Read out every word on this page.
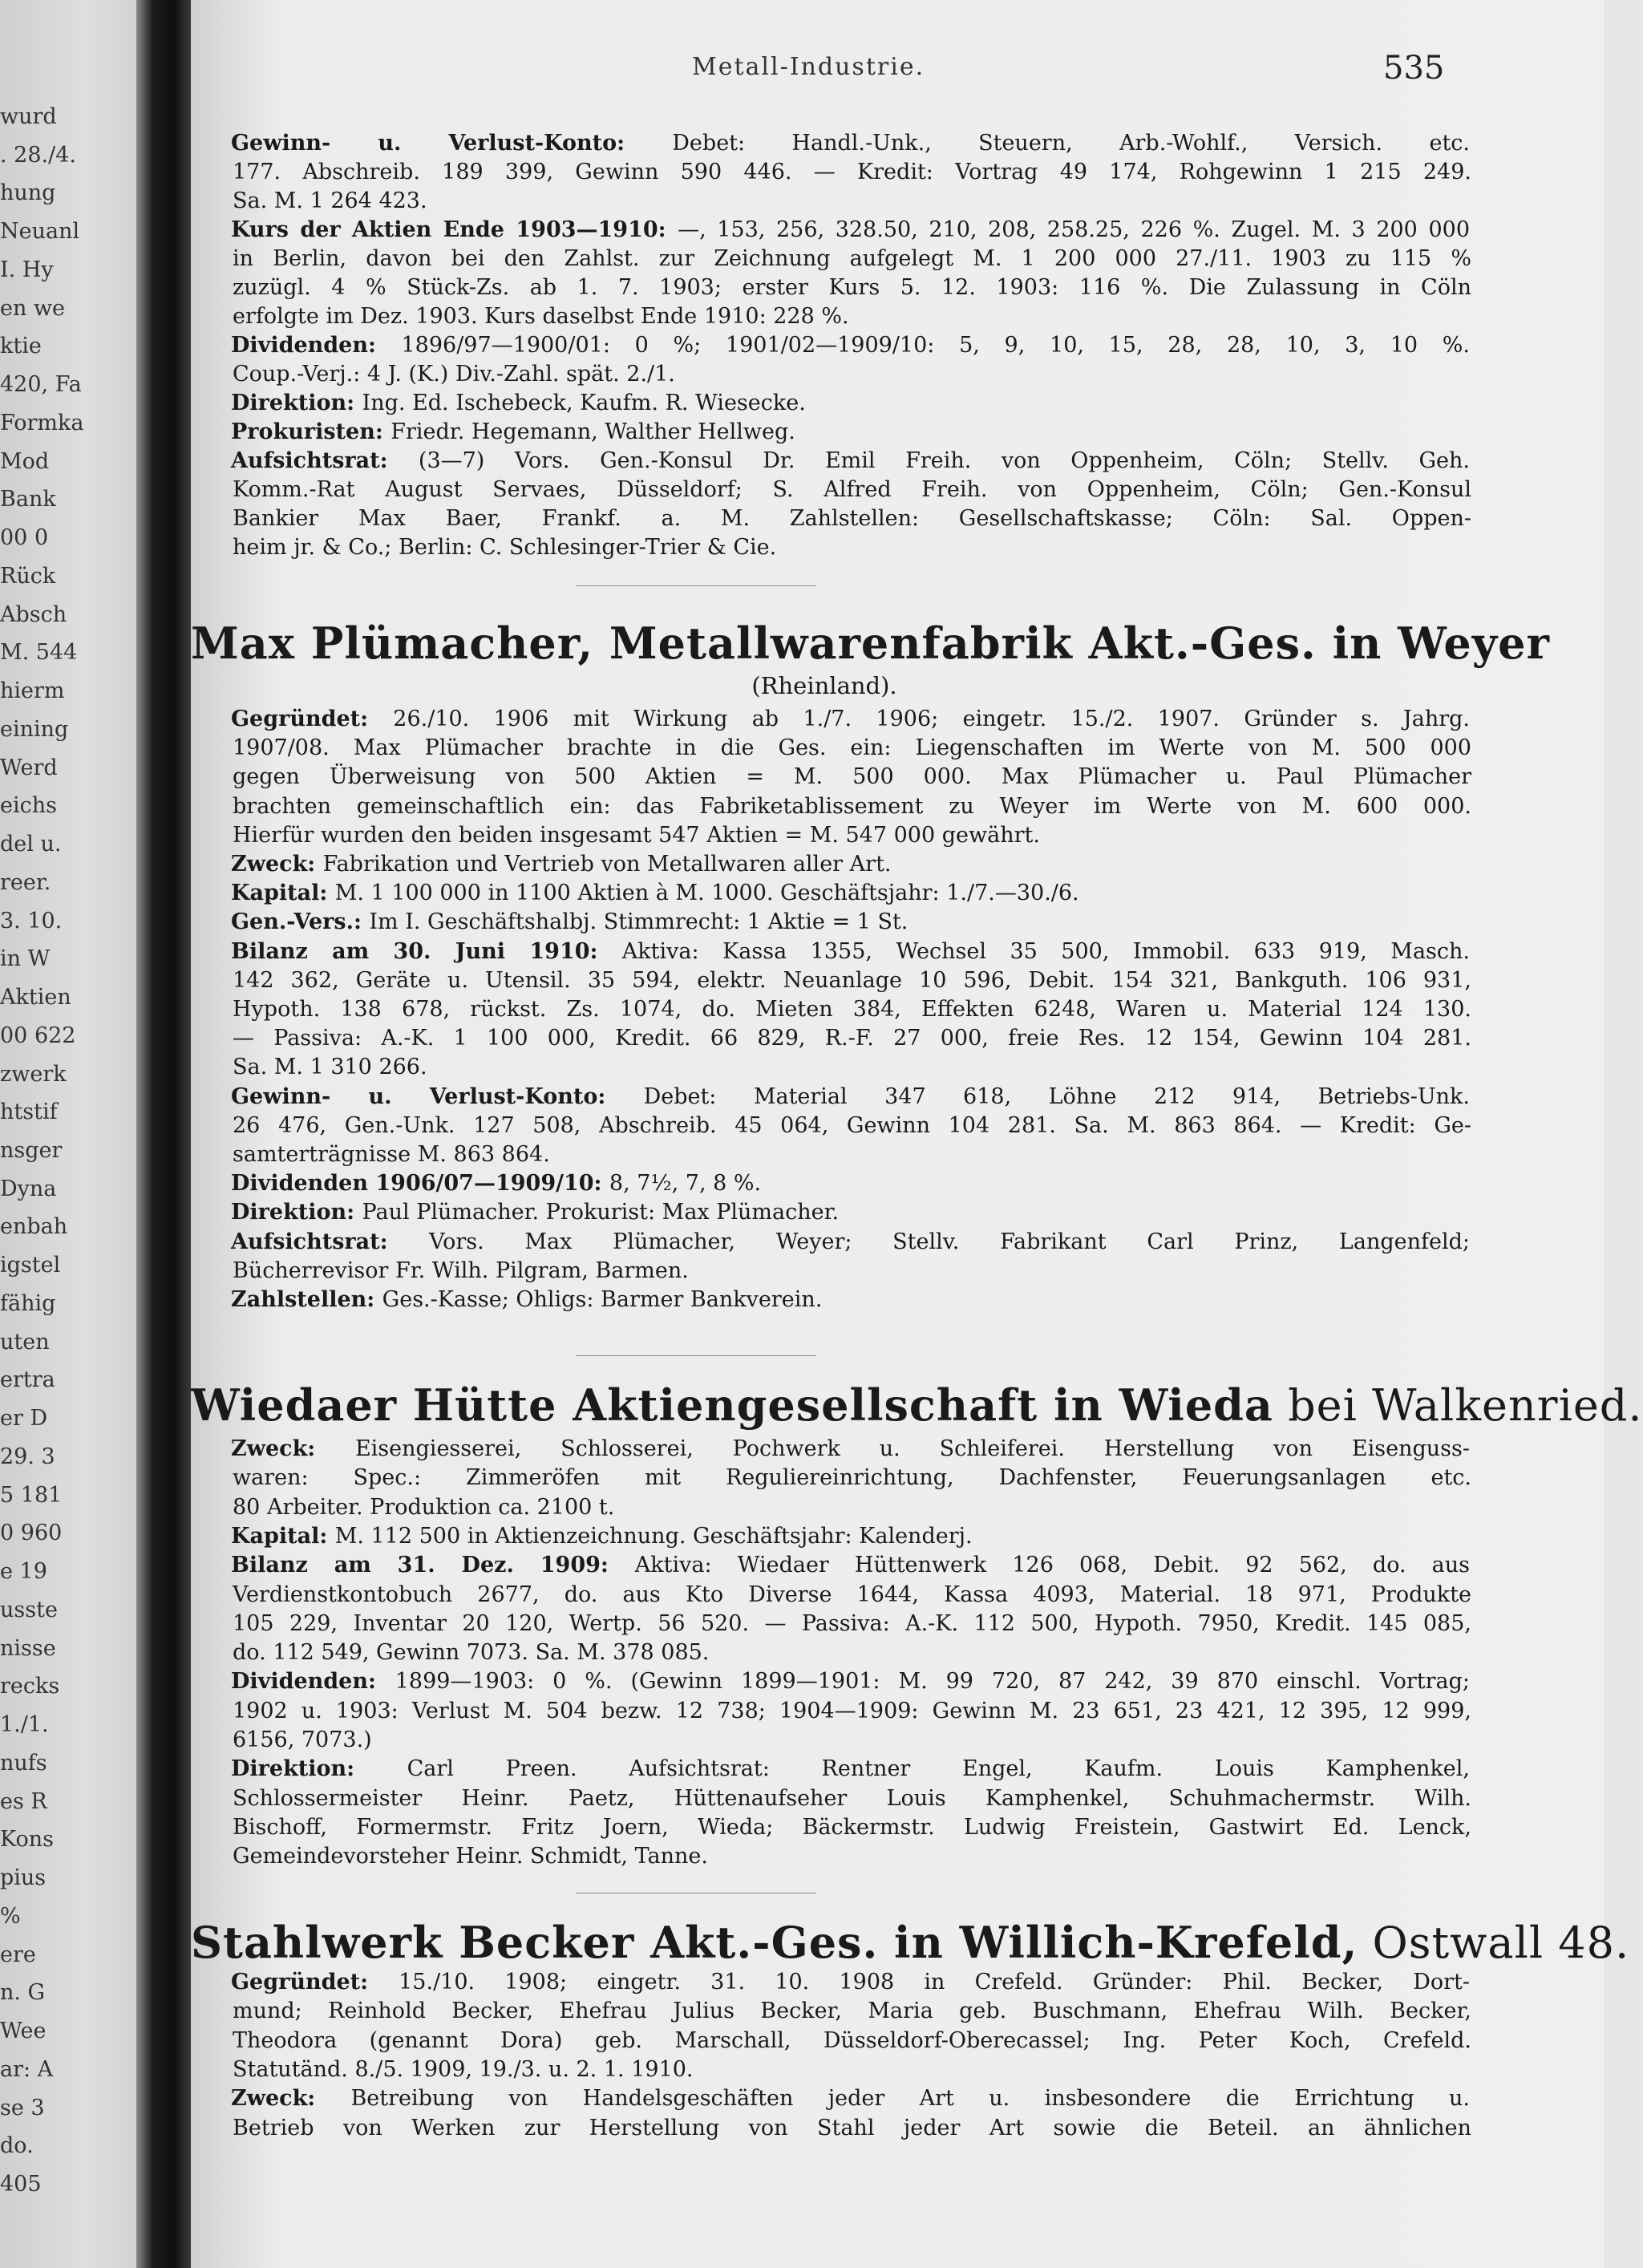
wurd
. 28./4.
hung
Neuanl
I. Hy
en we
ktie
420, Fa
Formka
Mod
Bank
00 0
Rück
Absch
M. 544
hierm
eining
Werd
eichs
del u.
reer.
3. 10.
in W
Aktien
00 622
zwerk
htstif
nsger
Dyna
enbah
igstel
fähig
uten
ertra
er D
29. 3
5 181
0 960
e 19
usste
nisse
recks
1./1.
nufs
es R
Kons
pius
%
ere
n. G
Wee
ar: A
se 3
do.
405
Metall-Industrie.	535
Gewinn- u. Verlust-Konto: Debet: Handl.-Unk., Steuern, Arb.-Wohlf., Versich. etc.
177. Abschreib. 189 399, Gewinn 590 446. — Kredit: Vortrag 49 174, Rohgewinn 1 215 249.
Sa. M. 1 264 423.
Kurs der Aktien Ende 1903—1910: —, 153, 256, 328.50, 210, 208, 258.25, 226 %. Zugel. M. 3 200 000
in Berlin, davon bei den Zahlst. zur Zeichnung aufgelegt M. 1 200 000 27./11. 1903 zu 115 %
zuzügl. 4 % Stück-Zs. ab 1. 7. 1903; erster Kurs 5. 12. 1903: 116 %. Die Zulassung in Cöln
erfolgte im Dez. 1903. Kurs daselbst Ende 1910: 228 %.
Dividenden: 1896/97—1900/01: 0 %; 1901/02—1909/10: 5, 9, 10, 15, 28, 28, 10, 3, 10 %.
Coup.-Verj.: 4 J. (K.) Div.-Zahl. spät. 2./1.
Direktion: Ing. Ed. Ischebeck, Kaufm. R. Wiesecke.
Prokuristen: Friedr. Hegemann, Walther Hellweg.
Aufsichtsrat: (3—7) Vors. Gen.-Konsul Dr. Emil Freih. von Oppenheim, Cöln; Stellv. Geh.
Komm.-Rat August Servaes, Düsseldorf; S. Alfred Freih. von Oppenheim, Cöln; Gen.-Konsul
Bankier Max Baer, Frankf. a. M. Zahlstellen: Gesellschaftskasse; Cöln: Sal. Oppen-
heim jr. & Co.; Berlin: C. Schlesinger-Trier & Cie.
Max Plümacher, Metallwarenfabrik Akt.-Ges. in Weyer
(Rheinland).
Gegründet: 26./10. 1906 mit Wirkung ab 1./7. 1906; eingetr. 15./2. 1907. Gründer s. Jahrg.
1907/08. Max Plümacher brachte in die Ges. ein: Liegenschaften im Werte von M. 500 000
gegen Überweisung von 500 Aktien = M. 500 000. Max Plümacher u. Paul Plümacher
brachten gemeinschaftlich ein: das Fabriketablissement zu Weyer im Werte von M. 600 000.
Hierfür wurden den beiden insgesamt 547 Aktien = M. 547 000 gewährt.
Zweck: Fabrikation und Vertrieb von Metallwaren aller Art.
Kapital: M. 1 100 000 in 1100 Aktien à M. 1000. Geschäftsjahr: 1./7.—30./6.
Gen.-Vers.: Im I. Geschäftshalbj. Stimmrecht: 1 Aktie = 1 St.
Bilanz am 30. Juni 1910: Aktiva: Kassa 1355, Wechsel 35 500, Immobil. 633 919, Masch.
142 362, Geräte u. Utensil. 35 594, elektr. Neuanlage 10 596, Debit. 154 321, Bankguth. 106 931,
Hypoth. 138 678, rückst. Zs. 1074, do. Mieten 384, Effekten 6248, Waren u. Material 124 130.
— Passiva: A.-K. 1 100 000, Kredit. 66 829, R.-F. 27 000, freie Res. 12 154, Gewinn 104 281.
Sa. M. 1 310 266.
Gewinn- u. Verlust-Konto: Debet: Material 347 618, Löhne 212 914, Betriebs-Unk.
26 476, Gen.-Unk. 127 508, Abschreib. 45 064, Gewinn 104 281. Sa. M. 863 864. — Kredit: Ge-
samterträgnisse M. 863 864.
Dividenden 1906/07—1909/10: 8, 7½, 7, 8 %.
Direktion: Paul Plümacher. Prokurist: Max Plümacher.
Aufsichtsrat: Vors. Max Plümacher, Weyer; Stellv. Fabrikant Carl Prinz, Langenfeld;
Bücherrevisor Fr. Wilh. Pilgram, Barmen.
Zahlstellen: Ges.-Kasse; Ohligs: Barmer Bankverein.
Wiedaer Hütte Aktiengesellschaft in Wieda bei Walkenried.
Zweck: Eisengiesserei, Schlosserei, Pochwerk u. Schleiferei. Herstellung von Eisenguss-
waren: Spec.: Zimmeröfen mit Reguliereinrichtung, Dachfenster, Feuerungsanlagen etc.
80 Arbeiter. Produktion ca. 2100 t.
Kapital: M. 112 500 in Aktienzeichnung. Geschäftsjahr: Kalenderj.
Bilanz am 31. Dez. 1909: Aktiva: Wiedaer Hüttenwerk 126 068, Debit. 92 562, do. aus
Verdienstkontobuch 2677, do. aus Kto Diverse 1644, Kassa 4093, Material. 18 971, Produkte
105 229, Inventar 20 120, Wertp. 56 520. — Passiva: A.-K. 112 500, Hypoth. 7950, Kredit. 145 085,
do. 112 549, Gewinn 7073. Sa. M. 378 085.
Dividenden: 1899—1903: 0 %. (Gewinn 1899—1901: M. 99 720, 87 242, 39 870 einschl. Vortrag;
1902 u. 1903: Verlust M. 504 bezw. 12 738; 1904—1909: Gewinn M. 23 651, 23 421, 12 395, 12 999,
6156, 7073.)
Direktion: Carl Preen. Aufsichtsrat: Rentner Engel, Kaufm. Louis Kamphenkel,
Schlossermeister Heinr. Paetz, Hüttenaufseher Louis Kamphenkel, Schuhmachermstr. Wilh.
Bischoff, Formermstr. Fritz Joern, Wieda; Bäckermstr. Ludwig Freistein, Gastwirt Ed. Lenck,
Gemeindevorsteher Heinr. Schmidt, Tanne.
Stahlwerk Becker Akt.-Ges. in Willich-Krefeld, Ostwall 48.
Gegründet: 15./10. 1908; eingetr. 31. 10. 1908 in Crefeld. Gründer: Phil. Becker, Dort-
mund; Reinhold Becker, Ehefrau Julius Becker, Maria geb. Buschmann, Ehefrau Wilh. Becker,
Theodora (genannt Dora) geb. Marschall, Düsseldorf-Oberecassel; Ing. Peter Koch, Crefeld.
Statutänd. 8./5. 1909, 19./3. u. 2. 1. 1910.
Zweck: Betreibung von Handelsgeschäften jeder Art u. insbesondere die Errichtung u.
Betrieb von Werken zur Herstellung von Stahl jeder Art sowie die Beteil. an ähnlichen
